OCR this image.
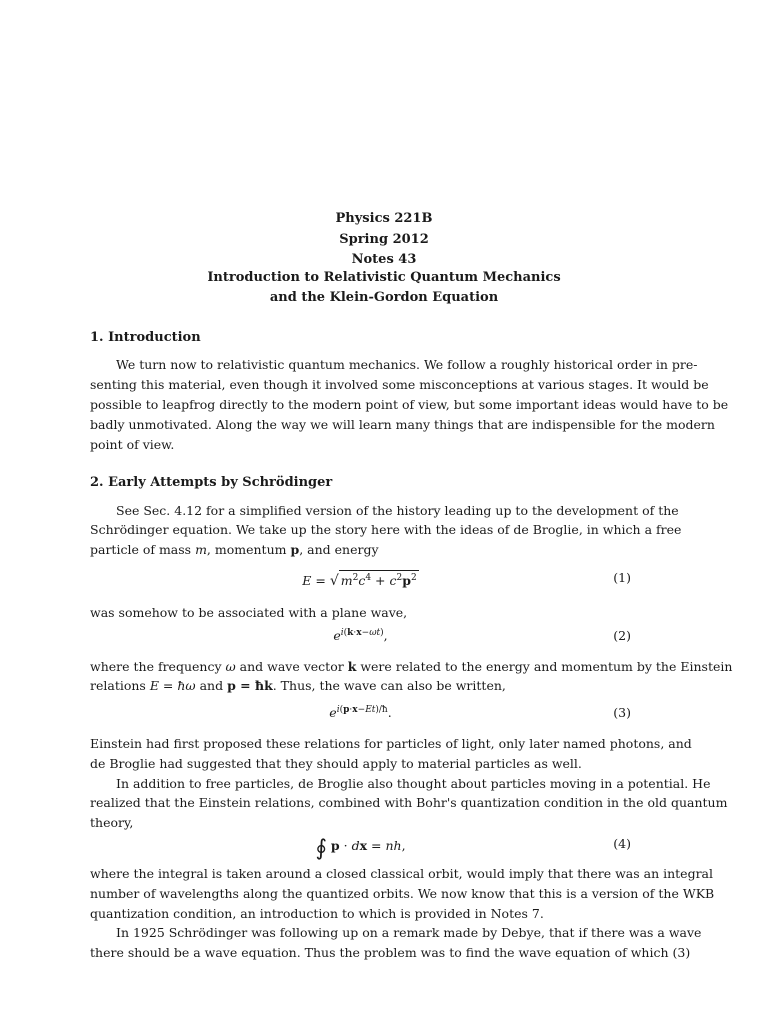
Physics 221B
Spring 2012
Notes 43
Introduction to Relativistic Quantum Mechanics
and the Klein-Gordon Equation
1. Introduction
We turn now to relativistic quantum mechanics. We follow a roughly historical order in pre-
senting this material, even though it involved some misconceptions at various stages. It would be
possible to leapfrog directly to the modern point of view, but some important ideas would have to be
badly unmotivated. Along the way we will learn many things that are indispensible for the modern
point of view.
2. Early Attempts by Schrödinger
See Sec. 4.12 for a simplified version of the history leading up to the development of the
Schrödinger equation. We take up the story here with the ideas of de Broglie, in which a free
particle of mass m, momentum p, and energy
E = √ $m^2c^4 + c^2p^2$	(1)
was somehow to be associated with a plane wave,
$e^{i(k\cdot x-\omega t)}$,	(2)
where the frequency ω and wave vector k were related to the energy and momentum by the Einstein
relations E = ħω and p = ħk. Thus, the wave can also be written,
$e^{i(p\cdot x-Et)/ħ}$.	(3)
Einstein had first proposed these relations for particles of light, only later named photons, and
de Broglie had suggested that they should apply to material particles as well.
In addition to free particles, de Broglie also thought about particles moving in a potential. He
realized that the Einstein relations, combined with Bohr's quantization condition in the old quantum
theory,
∮ p · dx = nh,	(4)
where the integral is taken around a closed classical orbit, would imply that there was an integral
number of wavelengths along the quantized orbits. We now know that this is a version of the WKB
quantization condition, an introduction to which is provided in Notes 7.
In 1925 Schrödinger was following up on a remark made by Debye, that if there was a wave
there should be a wave equation. Thus the problem was to find the wave equation of which (3)
